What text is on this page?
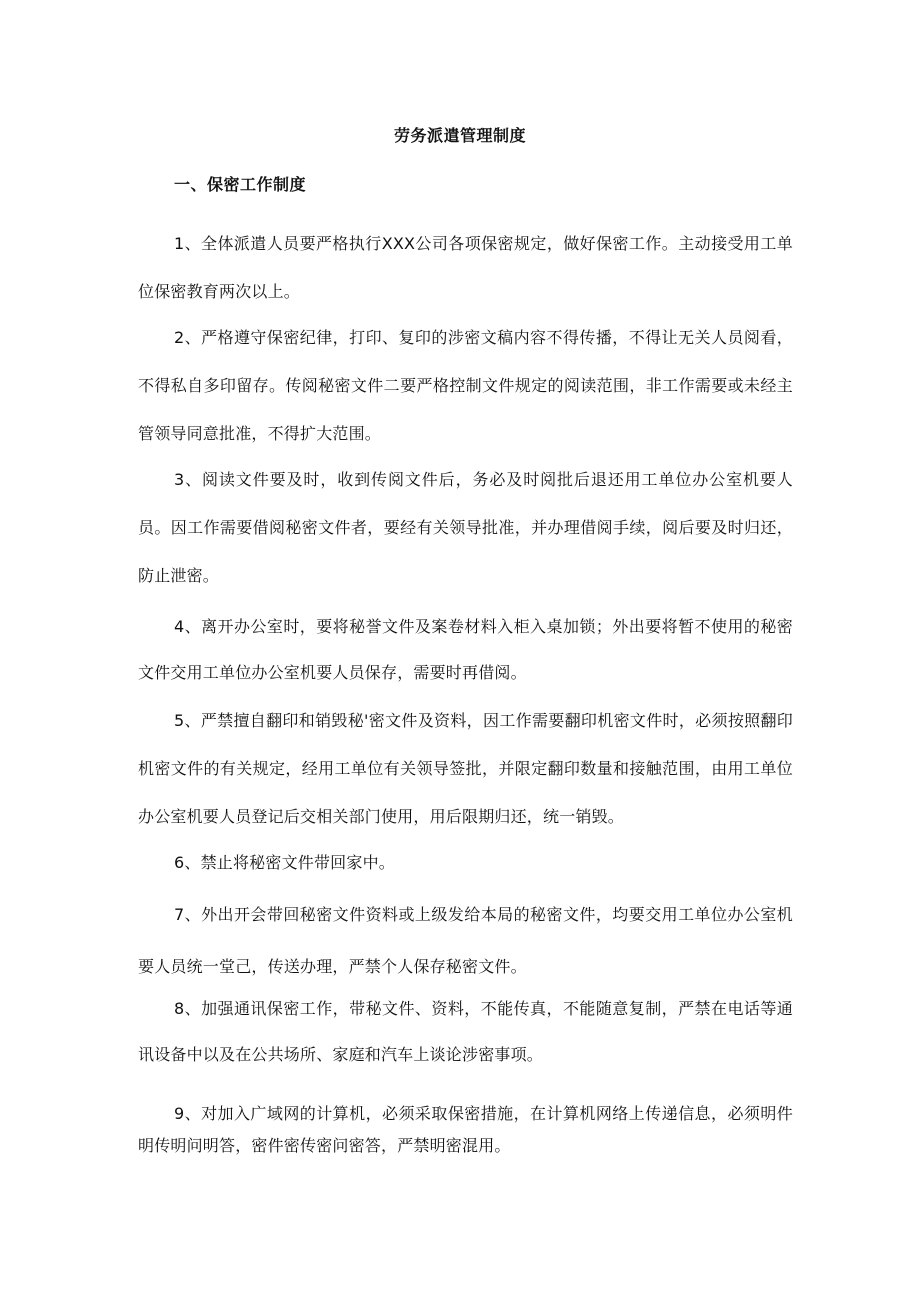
劳务派遣管理制度
一、保密工作制度

1、全体派遣人员要严格执行XXX公司各项保密规定，做好保密工作。主动接受用工单位保密教育两次以上。

2、严格遵守保密纪律，打印、复印的涉密文稿内容不得传播，不得让无关人员阅看，不得私自多印留存。传阅秘密文件二要严格控制文件规定的阅读范围，非工作需要或未经主管领导同意批准，不得扩大范围。

3、阅读文件要及时，收到传阅文件后，务必及时阅批后退还用工单位办公室机要人员。因工作需要借阅秘密文件者，要经有关领导批准，并办理借阅手续，阅后要及时归还，防止泄密。

4、离开办公室时，要将秘誉文件及案卷材料入柜入桌加锁；外出要将暂不使用的秘密文件交用工单位办公室机要人员保存，需要时再借阅。

5、严禁擅自翻印和销毁秘'密文件及资料，因工作需要翻印机密文件时，必须按照翻印机密文件的有关规定，经用工单位有关领导签批，并限定翻印数量和接触范围，由用工单位办公室机要人员登记后交相关部门使用，用后限期归还，统一销毁。

6、禁止将秘密文件带回家中。

7、外出开会带回秘密文件资料或上级发给本局的秘密文件，均要交用工单位办公室机要人员统一堂己，传送办理，严禁个人保存秘密文件。

8、加强通讯保密工作，带秘文件、资料，不能传真，不能随意复制，严禁在电话等通讯设备中以及在公共场所、家庭和汽车上谈论涉密事项。

9、对加入广域网的计算机，必须采取保密措施，在计算机网络上传递信息，必须明件明传明问明答，密件密传密问密答，严禁明密混用。
